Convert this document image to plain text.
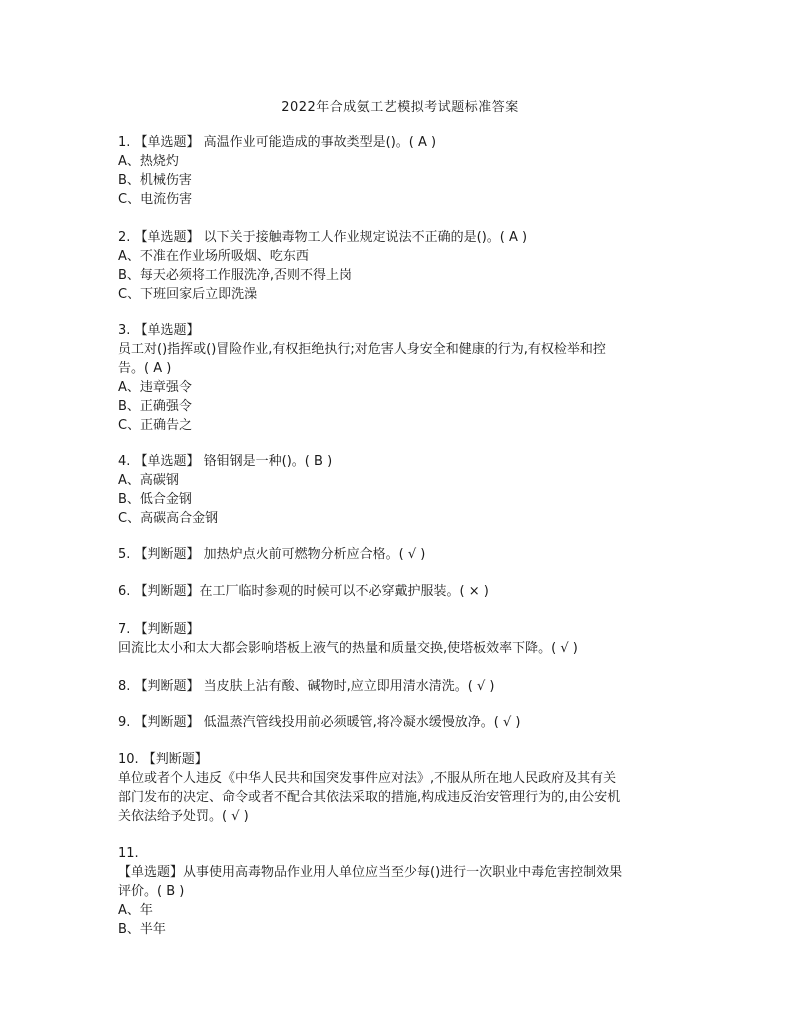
2022年合成氨工艺模拟考试题标准答案
1. 【单选题】 高温作业可能造成的事故类型是()。( A )
A、热烧灼
B、机械伤害
C、电流伤害
2. 【单选题】 以下关于接触毒物工人作业规定说法不正确的是()。( A )
A、不准在作业场所吸烟、吃东西
B、每天必须将工作服洗净,否则不得上岗
C、下班回家后立即洗澡
3. 【单选题】
员工对()指挥或()冒险作业,有权拒绝执行;对危害人身安全和健康的行为,有权检举和控
告。( A )
A、违章强令
B、正确强令
C、正确告之
4. 【单选题】 铬钼钢是一种()。( B )
A、高碳钢
B、低合金钢
C、高碳高合金钢
5. 【判断题】 加热炉点火前可燃物分析应合格。( √ )
6. 【判断题】在工厂临时参观的时候可以不必穿戴护服装。( × )
7. 【判断题】
回流比太小和太大都会影响塔板上液气的热量和质量交换,使塔板效率下降。( √ )
8. 【判断题】 当皮肤上沾有酸、碱物时,应立即用清水清洗。( √ )
9. 【判断题】 低温蒸汽管线投用前必须暖管,将冷凝水缓慢放净。( √ )
10. 【判断题】
单位或者个人违反《中华人民共和国突发事件应对法》,不服从所在地人民政府及其有关
部门发布的决定、命令或者不配合其依法采取的措施,构成违反治安管理行为的,由公安机
关依法给予处罚。( √ )
11.
【单选题】从事使用高毒物品作业用人单位应当至少每()进行一次职业中毒危害控制效果
评价。( B )
A、年
B、半年
